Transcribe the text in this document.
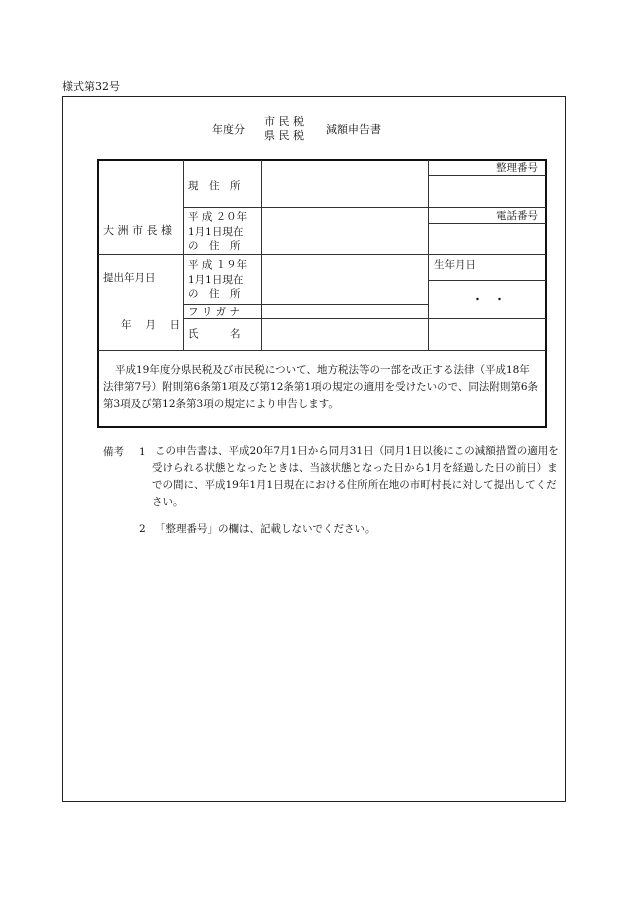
様式第32号
年度分
市 民 税
県 民 税 減額申告書
大 洲 市 長 様
提出年月日
年　 月　 日
現　住　所
平 成 ２０年
1月1日現在
の　住　所
平 成 １９年
1月1日現在
の　住　所
フ リ ガ ナ
氏　　　名
整理番号
電話番号
生年月日
・　・
平成19年度分県民税及び市民税について、地方税法等の一部を改正する法律（平成18年法律第7号）附則第6条第1項及び第12条第1項の規定の適用を受けたいので、同法附則第6条第3項及び第12条第3項の規定により申告します。
備考 1 この申告書は、平成20年7月1日から同月31日（同月1日以後にこの減額措置の適用を受けられる状態となったときは、当該状態となった日から1月を経過した日の前日）までの間に、平成19年1月1日現在における住所所在地の市町村長に対して提出してください。
2 「整理番号」の欄は、記載しないでください。
